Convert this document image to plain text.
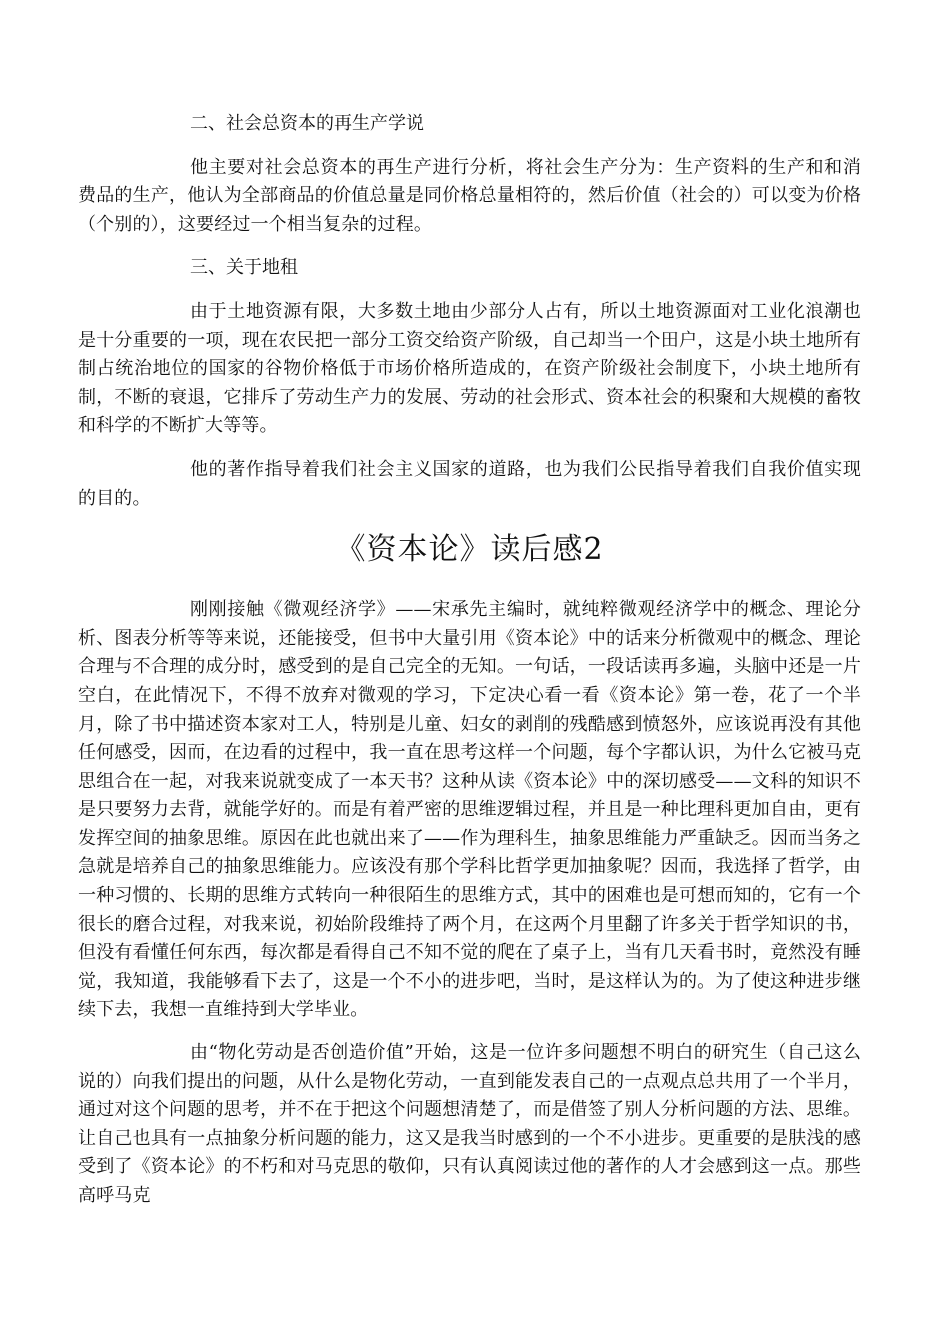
二、社会总资本的再生产学说

他主要对社会总资本的再生产进行分析，将社会生产分为：生产资料的生产和和消费品的生产，他认为全部商品的价值总量是同价格总量相符的，然后价值（社会的）可以变为价格（个别的），这要经过一个相当复杂的过程。

三、关于地租

由于土地资源有限，大多数土地由少部分人占有，所以土地资源面对工业化浪潮也是十分重要的一项，现在农民把一部分工资交给资产阶级，自己却当一个田户，这是小块土地所有制占统治地位的国家的谷物价格低于市场价格所造成的，在资产阶级社会制度下，小块土地所有制，不断的衰退，它排斥了劳动生产力的发展、劳动的社会形式、资本社会的积聚和大规模的畜牧和科学的不断扩大等等。

他的著作指导着我们社会主义国家的道路，也为我们公民指导着我们自我价值实现的目的。

《资本论》读后感2

刚刚接触《微观经济学》——宋承先主编时，就纯粹微观经济学中的概念、理论分析、图表分析等等来说，还能接受，但书中大量引用《资本论》中的话来分析微观中的概念、理论合理与不合理的成分时，感受到的是自己完全的无知。一句话，一段话读再多遍，头脑中还是一片空白，在此情况下，不得不放弃对微观的学习，下定决心看一看《资本论》第一卷，花了一个半月，除了书中描述资本家对工人，特别是儿童、妇女的剥削的残酷感到愤怒外，应该说再没有其他任何感受，因而，在边看的过程中，我一直在思考这样一个问题，每个字都认识，为什么它被马克思组合在一起，对我来说就变成了一本天书？这种从读《资本论》中的深切感受——文科的知识不是只要努力去背，就能学好的。而是有着严密的思维逻辑过程，并且是一种比理科更加自由，更有发挥空间的抽象思维。原因在此也就出来了——作为理科生，抽象思维能力严重缺乏。因而当务之急就是培养自己的抽象思维能力。应该没有那个学科比哲学更加抽象呢？因而，我选择了哲学，由一种习惯的、长期的思维方式转向一种很陌生的思维方式，其中的困难也是可想而知的，它有一个很长的磨合过程，对我来说，初始阶段维持了两个月，在这两个月里翻了许多关于哲学知识的书，但没有看懂任何东西，每次都是看得自己不知不觉的爬在了桌子上，当有几天看书时，竟然没有睡觉，我知道，我能够看下去了，这是一个不小的进步吧，当时，是这样认为的。为了使这种进步继续下去，我想一直维持到大学毕业。

由“物化劳动是否创造价值”开始，这是一位许多问题想不明白的研究生（自己这么说的）向我们提出的问题，从什么是物化劳动，一直到能发表自己的一点观点总共用了一个半月，通过对这个问题的思考，并不在于把这个问题想清楚了，而是借签了别人分析问题的方法、思维。让自己也具有一点抽象分析问题的能力，这又是我当时感到的一个不小进步。更重要的是肤浅的感受到了《资本论》的不朽和对马克思的敬仰，只有认真阅读过他的著作的人才会感到这一点。那些高呼马克
